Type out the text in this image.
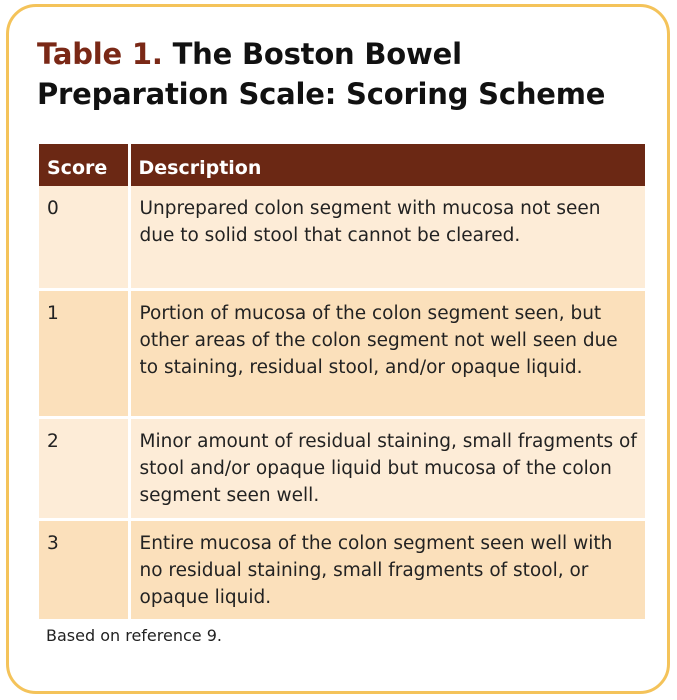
Table 1. The Boston Bowel Preparation Scale: Scoring Scheme
Score	Description
0	Unprepared colon segment with mucosa not seen due to solid stool that cannot be cleared.
1	Portion of mucosa of the colon segment seen, but other areas of the colon segment not well seen due to staining, residual stool, and/or opaque liquid.
2	Minor amount of residual staining, small fragments of stool and/or opaque liquid but mucosa of the colon segment seen well.
3	Entire mucosa of the colon segment seen well with no residual staining, small fragments of stool, or opaque liquid.
Based on reference 9.
